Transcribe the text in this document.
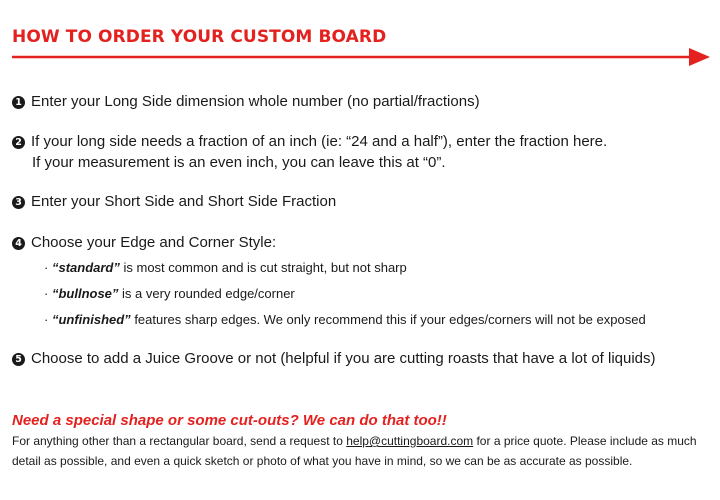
HOW TO ORDER YOUR CUSTOM BOARD
1 Enter your Long Side dimension whole number (no partial/fractions)
2 If your long side needs a fraction of an inch (ie: “24 and a half”), enter the fraction here.
If your measurement is an even inch, you can leave this at “0”.
3 Enter your Short Side and Short Side Fraction
4 Choose your Edge and Corner Style:
· “standard” is most common and is cut straight, but not sharp
· “bullnose” is a very rounded edge/corner
· “unfinished” features sharp edges. We only recommend this if your edges/corners will not be exposed
5 Choose to add a Juice Groove or not (helpful if you are cutting roasts that have a lot of liquids)
Need a special shape or some cut-outs? We can do that too!!
For anything other than a rectangular board, send a request to help@cuttingboard.com for a price quote. Please include as much detail as possible, and even a quick sketch or photo of what you have in mind, so we can be as accurate as possible.
